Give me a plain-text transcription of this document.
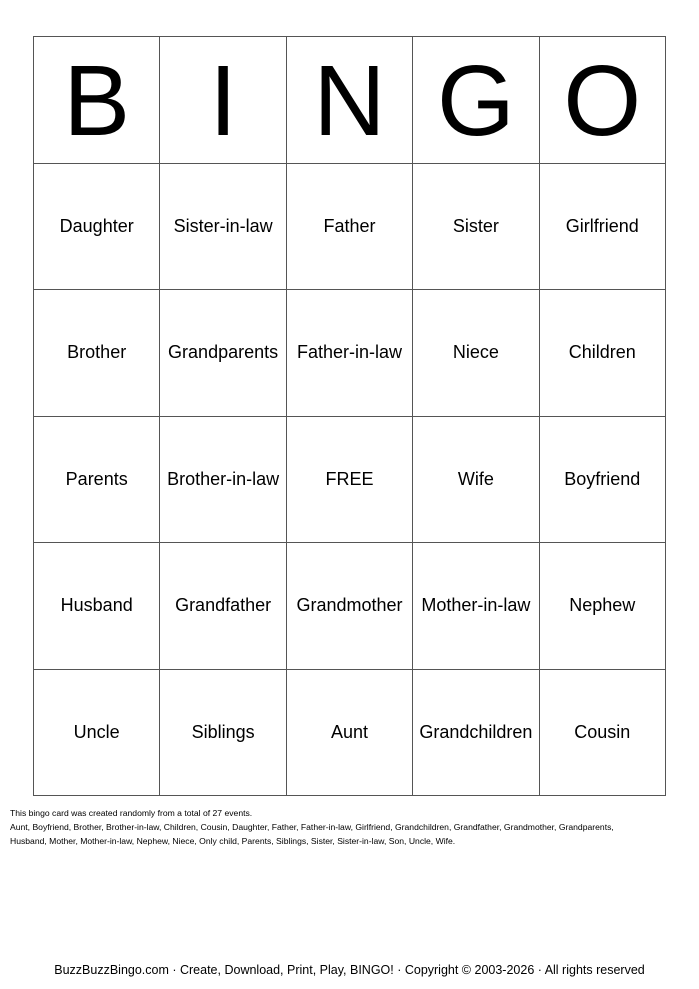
B I N G O
Daughter	Sister-in-law	Father	Sister	Girlfriend
Brother	Grandparents	Father-in-law	Niece	Children
Parents	Brother-in-law	FREE	Wife	Boyfriend
Husband	Grandfather	Grandmother	Mother-in-law	Nephew
Uncle	Siblings	Aunt	Grandchildren	Cousin

This bingo card was created randomly from a total of 27 events.

Aunt, Boyfriend, Brother, Brother-in-law, Children, Cousin, Daughter, Father, Father-in-law, Girlfriend, Grandchildren, Grandfather, Grandmother, Grandparents,

Husband, Mother, Mother-in-law, Nephew, Niece, Only child, Parents, Siblings, Sister, Sister-in-law, Son, Uncle, Wife.

BuzzBuzzBingo.com · Create, Download, Print, Play, BINGO! · Copyright © 2003-2026 · All rights reserved
